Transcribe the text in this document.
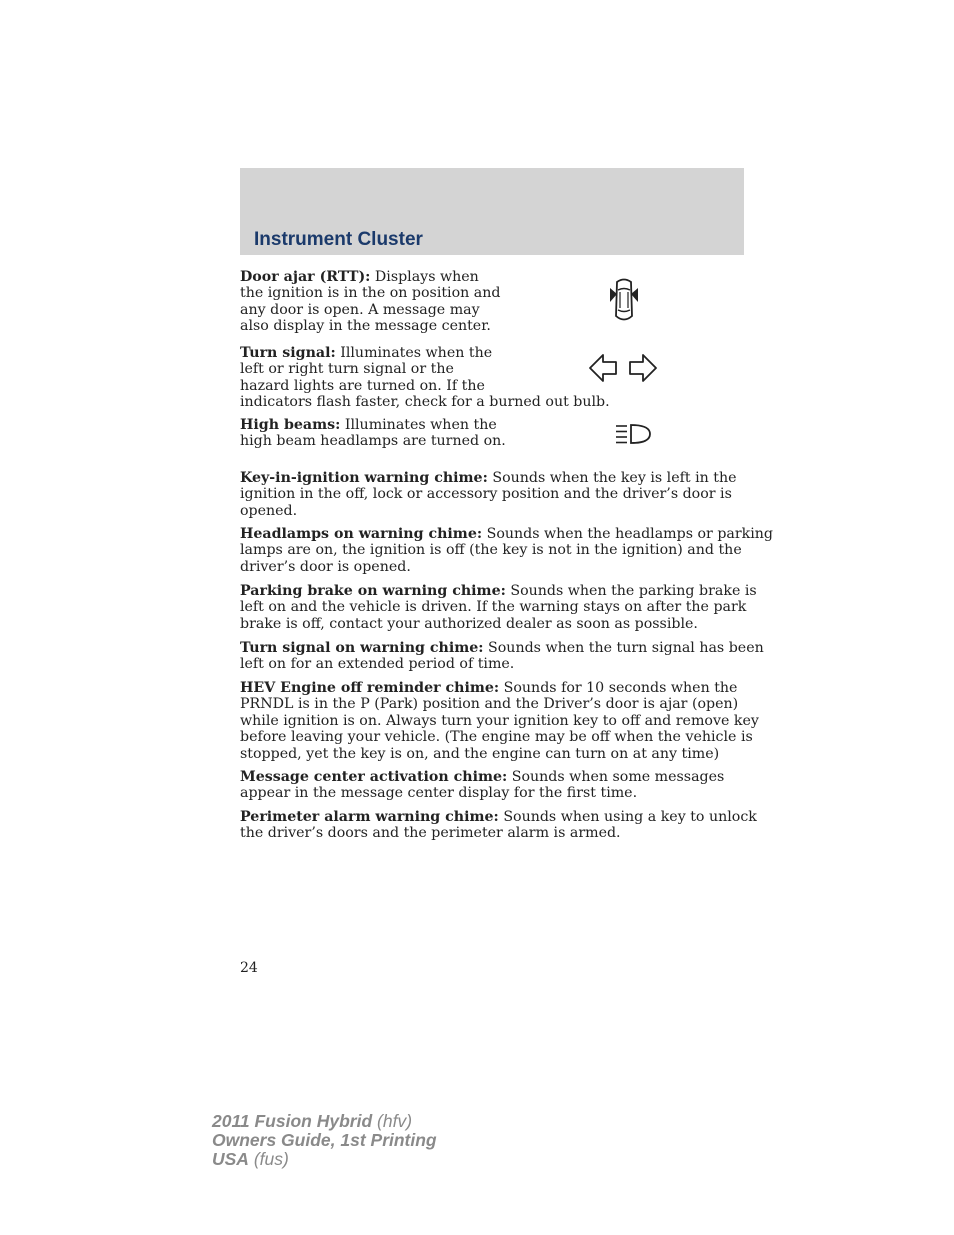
Instrument Cluster

Door ajar (RTT): Displays when
the ignition is in the on position and
any door is open. A message may
also display in the message center.

Turn signal: Illuminates when the
left or right turn signal or the
hazard lights are turned on. If the
indicators flash faster, check for a burned out bulb.

High beams: Illuminates when the
high beam headlamps are turned on.

Key-in-ignition warning chime: Sounds when the key is left in the
ignition in the off, lock or accessory position and the driver’s door is
opened.

Headlamps on warning chime: Sounds when the headlamps or parking
lamps are on, the ignition is off (the key is not in the ignition) and the
driver’s door is opened.

Parking brake on warning chime: Sounds when the parking brake is
left on and the vehicle is driven. If the warning stays on after the park
brake is off, contact your authorized dealer as soon as possible.

Turn signal on warning chime: Sounds when the turn signal has been
left on for an extended period of time.

HEV Engine off reminder chime: Sounds for 10 seconds when the
PRNDL is in the P (Park) position and the Driver’s door is ajar (open)
while ignition is on. Always turn your ignition key to off and remove key
before leaving your vehicle. (The engine may be off when the vehicle is
stopped, yet the key is on, and the engine can turn on at any time)

Message center activation chime: Sounds when some messages
appear in the message center display for the first time.

Perimeter alarm warning chime: Sounds when using a key to unlock
the driver’s doors and the perimeter alarm is armed.

24
2011 Fusion Hybrid (hfv)
Owners Guide, 1st Printing
USA (fus)
